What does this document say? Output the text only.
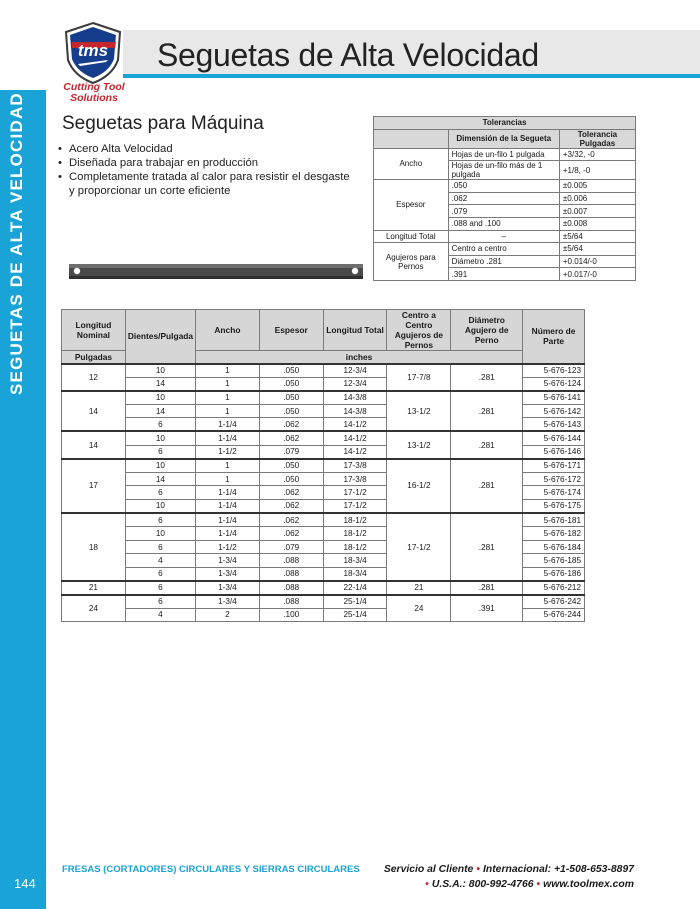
SEGUETAS DE ALTA VELOCIDAD
144
Seguetas de Alta Velocidad
tms
Cutting Tool
Solutions
Seguetas para Máquina
• Acero Alta Velocidad
• Diseñada para trabajar en producción
• Completamente tratada al calor para resistir el desgaste y proporcionar un corte eficiente
Tolerancias		
	Dimensión de la Segueta	Tolerancia Pulgadas
Ancho	Hojas de un-filo 1 pulgada	+3/32, -0
	Hojas de un-filo más de 1 pulgada	+1/8, -0
Espesor	.050	±0.005
	.062	±0.006
	.079	±0.007
	.088 and .100	±0.008
Longitud Total	–	±5/64
Agujeros para Pernos	Centro a centro	±5/64
	Diámetro .281	+0.014/-0
	.391	+0.017/-0
Longitud Nominal	Dientes/Pulgada	Ancho	Espesor	Longitud Total	Centro a Centro Agujeros de Pernos	Diámetro Agujero de Perno	Número de Parte
Pulgadas		inches					
12	10	1	.050	12-3/4	17-7/8	.281	5-676-123
	14	1	.050	12-3/4			5-676-124
14	10	1	.050	14-3/8	13-1/2	.281	5-676-141
	14	1	.050	14-3/8			5-676-142
	6	1-1/4	.062	14-1/2			5-676-143
14	10	1-1/4	.062	14-1/2	13-1/2	.281	5-676-144
	6	1-1/2	.079	14-1/2			5-676-146
17	10	1	.050	17-3/8	16-1/2	.281	5-676-171
	14	1	.050	17-3/8			5-676-172
	6	1-1/4	.062	17-1/2			5-676-174
	10	1-1/4	.062	17-1/2			5-676-175
18	6	1-1/4	.062	18-1/2	17-1/2	.281	5-676-181
	10	1-1/4	.062	18-1/2			5-676-182
	6	1-1/2	.079	18-1/2			5-676-184
	4	1-3/4	.088	18-3/4			5-676-185
	6	1-3/4	.088	18-3/4			5-676-186
21	6	1-3/4	.088	22-1/4	21	.281	5-676-212
24	6	1-3/4	.088	25-1/4	24	.391	5-676-242
	4	2	.100	25-1/4			5-676-244
FRESAS (CORTADORES) CIRCULARES Y SIERRAS CIRCULARES Servicio al Cliente • Internacional: +1-508-653-8897
• U.S.A.: 800-992-4766 • www.toolmex.com
